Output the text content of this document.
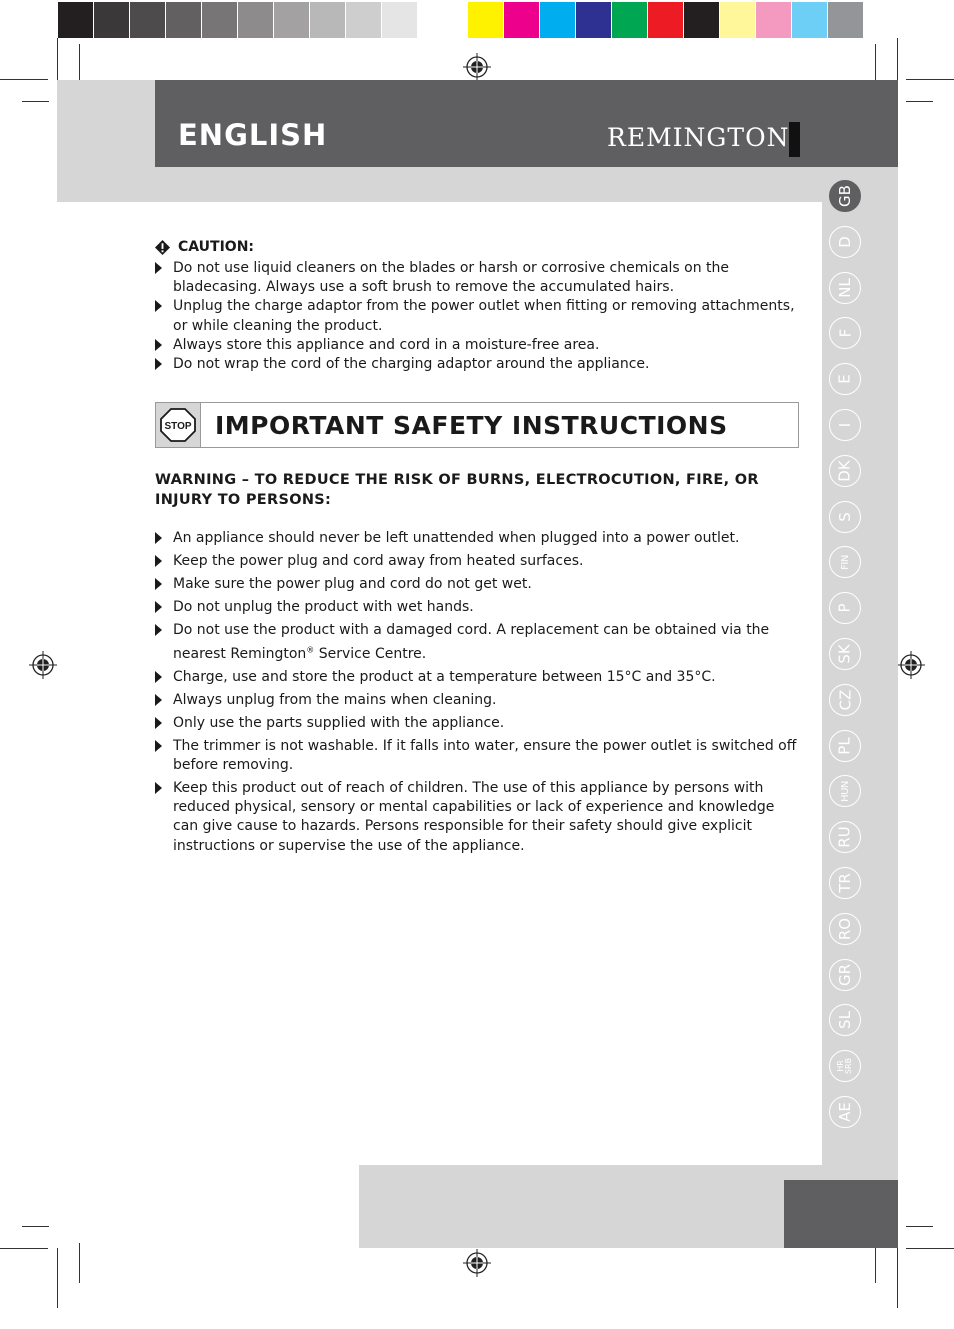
ENGLISH	REMINGTON
GB
D
NL
F
E
I
DK
S
FIN
P
SK
CZ
PL
HUN
RU
TR
RO
GR
SL
HR
SRB
AE
CAUTION:
Do not use liquid cleaners on the blades or harsh or corrosive chemicals on the bladecasing. Always use a soft brush to remove the accumulated hairs.
Unplug the charge adaptor from the power outlet when fitting or removing attachments, or while cleaning the product.
Always store this appliance and cord in a moisture-free area.
Do not wrap the cord of the charging adaptor around the appliance.
STOP IMPORTANT SAFETY INSTRUCTIONS
WARNING – TO REDUCE THE RISK OF BURNS, ELECTROCUTION, FIRE, OR INJURY TO PERSONS:
An appliance should never be left unattended when plugged into a power outlet.
Keep the power plug and cord away from heated surfaces.
Make sure the power plug and cord do not get wet.
Do not unplug the product with wet hands.
Do not use the product with a damaged cord. A replacement can be obtained via the nearest Remington® Service Centre.
Charge, use and store the product at a temperature between 15°C and 35°C.
Always unplug from the mains when cleaning.
Only use the parts supplied with the appliance.
The trimmer is not washable. If it falls into water, ensure the power outlet is switched off before removing.
Keep this product out of reach of children. The use of this appliance by persons with reduced physical, sensory or mental capabilities or lack of experience and knowledge can give cause to hazards. Persons responsible for their safety should give explicit instructions or supervise the use of the appliance.
